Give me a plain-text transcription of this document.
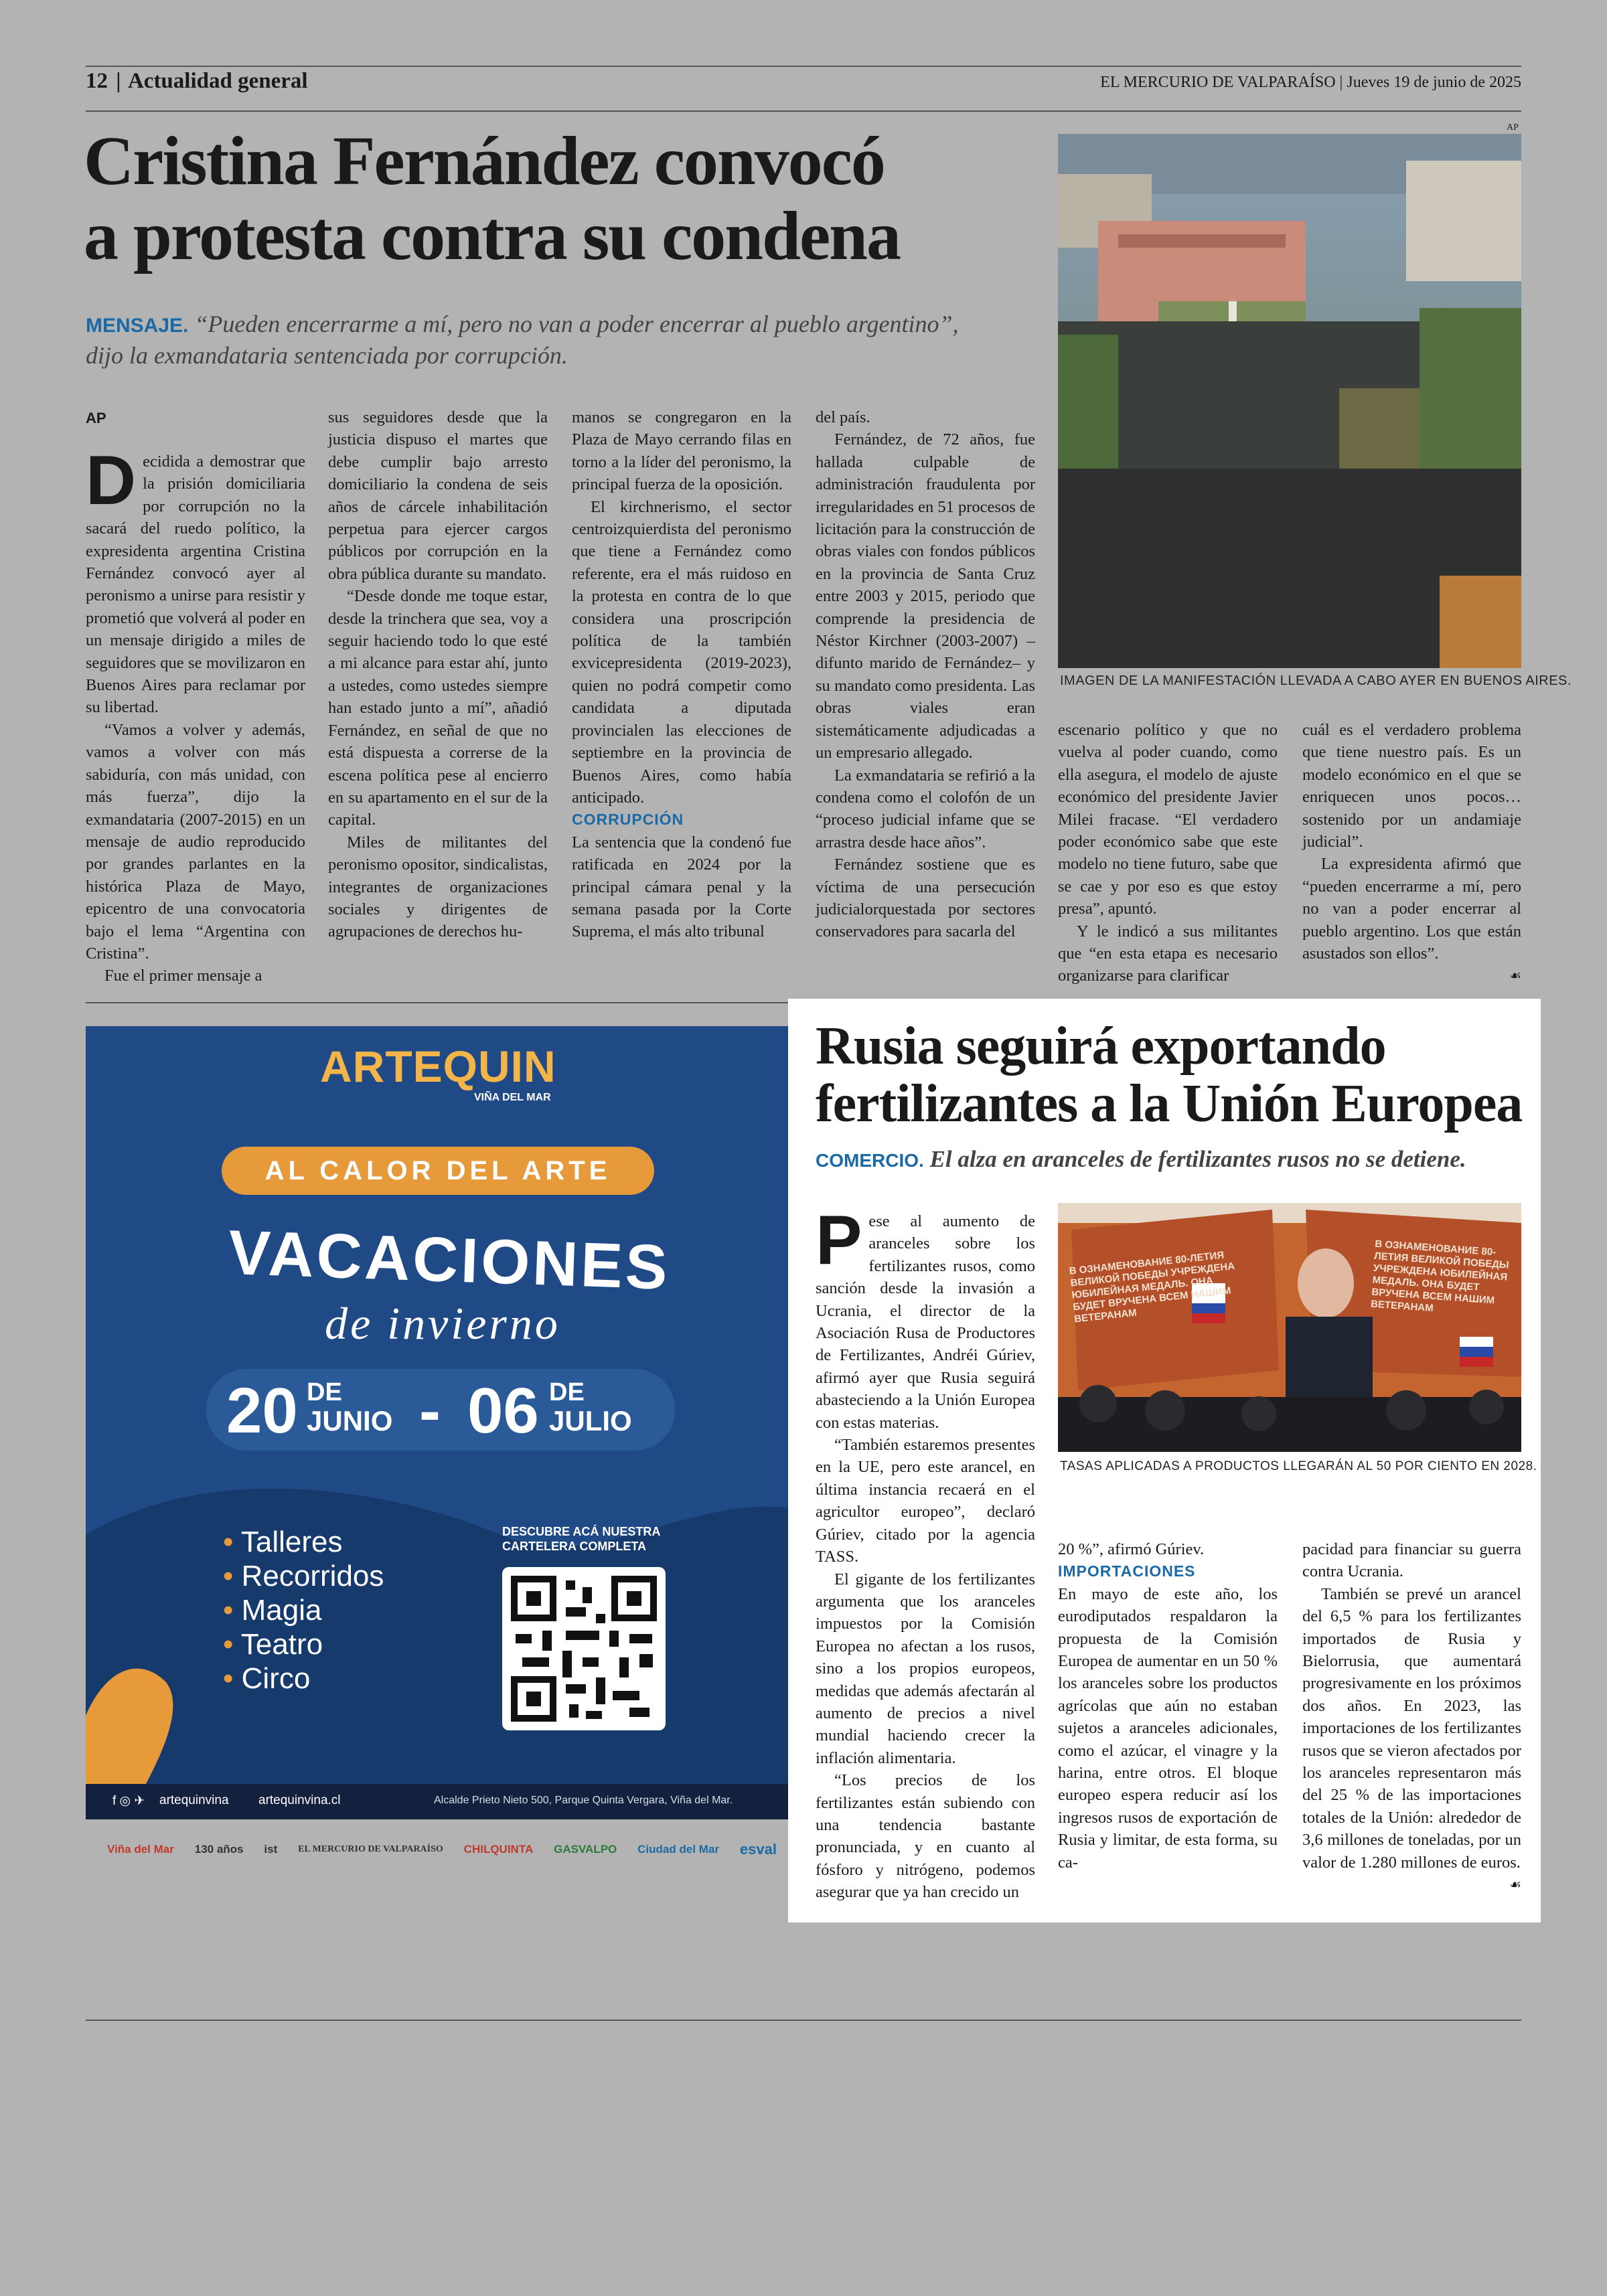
12 | Actualidad general	EL MERCURIO DE VALPARAÍSO | Jueves 19 de junio de 2025
Cristina Fernández convocó
a protesta contra su condena
MENSAJE. “Pueden encerrarme a mí, pero no van a poder encerrar al pueblo argentino”, dijo la exmandataria sentenciada por corrupción.
AP
IMAGEN DE LA MANIFESTACIÓN LLEVADA A CABO AYER EN BUENOS AIRES.
AP

Decidida a demostrar que la prisión domiciliaria por corrupción no la sacará del ruedo político, la expresidenta argentina Cristina Fernández convocó ayer al peronismo a unirse para resistir y prometió que volverá al poder en un mensaje dirigido a miles de seguidores que se movilizaron en Buenos Aires para reclamar por su libertad.

“Vamos a volver y además, vamos a volver con más sabiduría, con más unidad, con más fuerza”, dijo la exmandataria (2007-2015) en un mensaje de audio reproducido por grandes parlantes en la histórica Plaza de Mayo, epicentro de una convocatoria bajo el lema “Argentina con Cristina”.

Fue el primer mensaje a

sus seguidores desde que la justicia dispuso el martes que debe cumplir bajo arresto domiciliario la condena de seis años de cárcele inhabilitación perpetua para ejercer cargos públicos por corrupción en la obra pública durante su mandato.

“Desde donde me toque estar, desde la trinchera que sea, voy a seguir haciendo todo lo que esté a mi alcance para estar ahí, junto a ustedes, como ustedes siempre han estado junto a mí”, añadió Fernández, en señal de que no está dispuesta a correrse de la escena política pese al encierro en su apartamento en el sur de la capital.

Miles de militantes del peronismo opositor, sindicalistas, integrantes de organizaciones sociales y dirigentes de agrupaciones de derechos hu-

manos se congregaron en la Plaza de Mayo cerrando filas en torno a la líder del peronismo, la principal fuerza de la oposición.

El kirchnerismo, el sector centroizquierdista del peronismo que tiene a Fernández como referente, era el más ruidoso en la protesta en contra de lo que considera una proscripción política de la también exvicepresidenta (2019-2023), quien no podrá competir como candidata a diputada provincialen las elecciones de septiembre en la provincia de Buenos Aires, como había anticipado.

CORRUPCIÓN

La sentencia que la condenó fue ratificada en 2024 por la principal cámara penal y la semana pasada por la Corte Suprema, el más alto tribunal

del país.

Fernández, de 72 años, fue hallada culpable de administración fraudulenta por irregularidades en 51 procesos de licitación para la construcción de obras viales con fondos públicos en la provincia de Santa Cruz entre 2003 y 2015, periodo que comprende la presidencia de Néstor Kirchner (2003-2007) –difunto marido de Fernández– y su mandato como presidenta. Las obras viales eran sistemáticamente adjudicadas a un empresario allegado.

La exmandataria se refirió a la condena como el colofón de un “proceso judicial infame que se arrastra desde hace años”.

Fernández sostiene que es víctima de una persecución judicialorquestada por sectores conservadores para sacarla del

escenario político y que no vuelva al poder cuando, como ella asegura, el modelo de ajuste económico del presidente Javier Milei fracase. “El verdadero poder económico sabe que este modelo no tiene futuro, sabe que se cae y por eso es que estoy presa”, apuntó.

Y le indicó a sus militantes que “en esta etapa es necesario organizarse para clarificar

cuál es el verdadero problema que tiene nuestro país. Es un modelo económico en el que se enriquecen unos pocos… sostenido por un andamiaje judicial”.

La expresidenta afirmó que “pueden encerrarme a mí, pero no van a poder encerrar al pueblo argentino. Los que están asustados son ellos”.

☙
ARTEQUIN
VIÑA DEL MAR
AL CALOR DEL ARTE
VACACIONES
de invierno
20 DE
JUNIO - 06 DE
JULIO
• Talleres
• Recorridos
• Magia
• Teatro
• Circo
DESCUBRE ACÁ NUESTRA CARTELERA COMPLETA
f ◎ ✈ artequinvina artequinvina.cl	Alcalde Prieto Nieto 500, Parque Quinta Vergara, Viña del Mar.
Viña del Mar 130 años ist EL MERCURIO DE VALPARAÍSO CHILQUINTA GASVALPO Ciudad del Mar esval
Rusia seguirá exportando
fertilizantes a la Unión Europea
COMERCIO. El alza en aranceles de fertilizantes rusos no se detiene.

Pese al aumento de aranceles sobre los fertilizantes rusos, como sanción desde la invasión a Ucrania, el director de la Asociación Rusa de Productores de Fertilizantes, Andréi Gúriev, afirmó ayer que Rusia seguirá abasteciendo a la Unión Europea con estas materias.

“También estaremos presentes en la UE, pero este arancel, en última instancia recaerá en el agricultor europeo”, declaró Gúriev, citado por la agencia TASS.

El gigante de los fertilizantes argumenta que los aranceles impuestos por la Comisión Europea no afectan a los rusos, sino a los propios europeos, medidas que además afectarán al aumento de precios a nivel mundial haciendo crecer la inflación alimentaria.

“Los precios de los fertilizantes están subiendo con una tendencia bastante pronunciada, y en cuanto al fósforo y nitrógeno, podemos asegurar que ya han crecido un

В ОЗНАМЕНОВАНИЕ 80-ЛЕТИЯ ВЕЛИКОЙ ПОБЕДЫ УЧРЕЖДЕНА ЮБИЛЕЙНАЯ МЕДАЛЬ. ОНА БУДЕТ ВРУЧЕНА ВСЕМ НАШИМ ВЕТЕРАНАМ
В ОЗНАМЕНОВАНИЕ 80-ЛЕТИЯ ВЕЛИКОЙ ПОБЕДЫ УЧРЕЖДЕНА ЮБИЛЕЙНАЯ МЕДАЛЬ. ОНА БУДЕТ ВРУЧЕНА ВСЕМ НАШИМ ВЕТЕРАНАМ
TASAS APLICADAS A PRODUCTOS LLEGARÁN AL 50 POR CIENTO EN 2028.

20 %”, afirmó Gúriev.

IMPORTACIONES

En mayo de este año, los eurodiputados respaldaron la propuesta de la Comisión Europea de aumentar en un 50 % los aranceles sobre los productos agrícolas que aún no estaban sujetos a aranceles adicionales, como el azúcar, el vinagre y la harina, entre otros. El bloque europeo espera reducir así los ingresos rusos de exportación de Rusia y limitar, de esta forma, su ca-

pacidad para financiar su guerra contra Ucrania.

También se prevé un arancel del 6,5 % para los fertilizantes importados de Rusia y Bielorrusia, que aumentará progresivamente en los próximos dos años. En 2023, las importaciones de los fertilizantes rusos que se vieron afectados por los aranceles representaron más del 25 % de las importaciones totales de la Unión: alrededor de 3,6 millones de toneladas, por un valor de 1.280 millones de euros.

☙
